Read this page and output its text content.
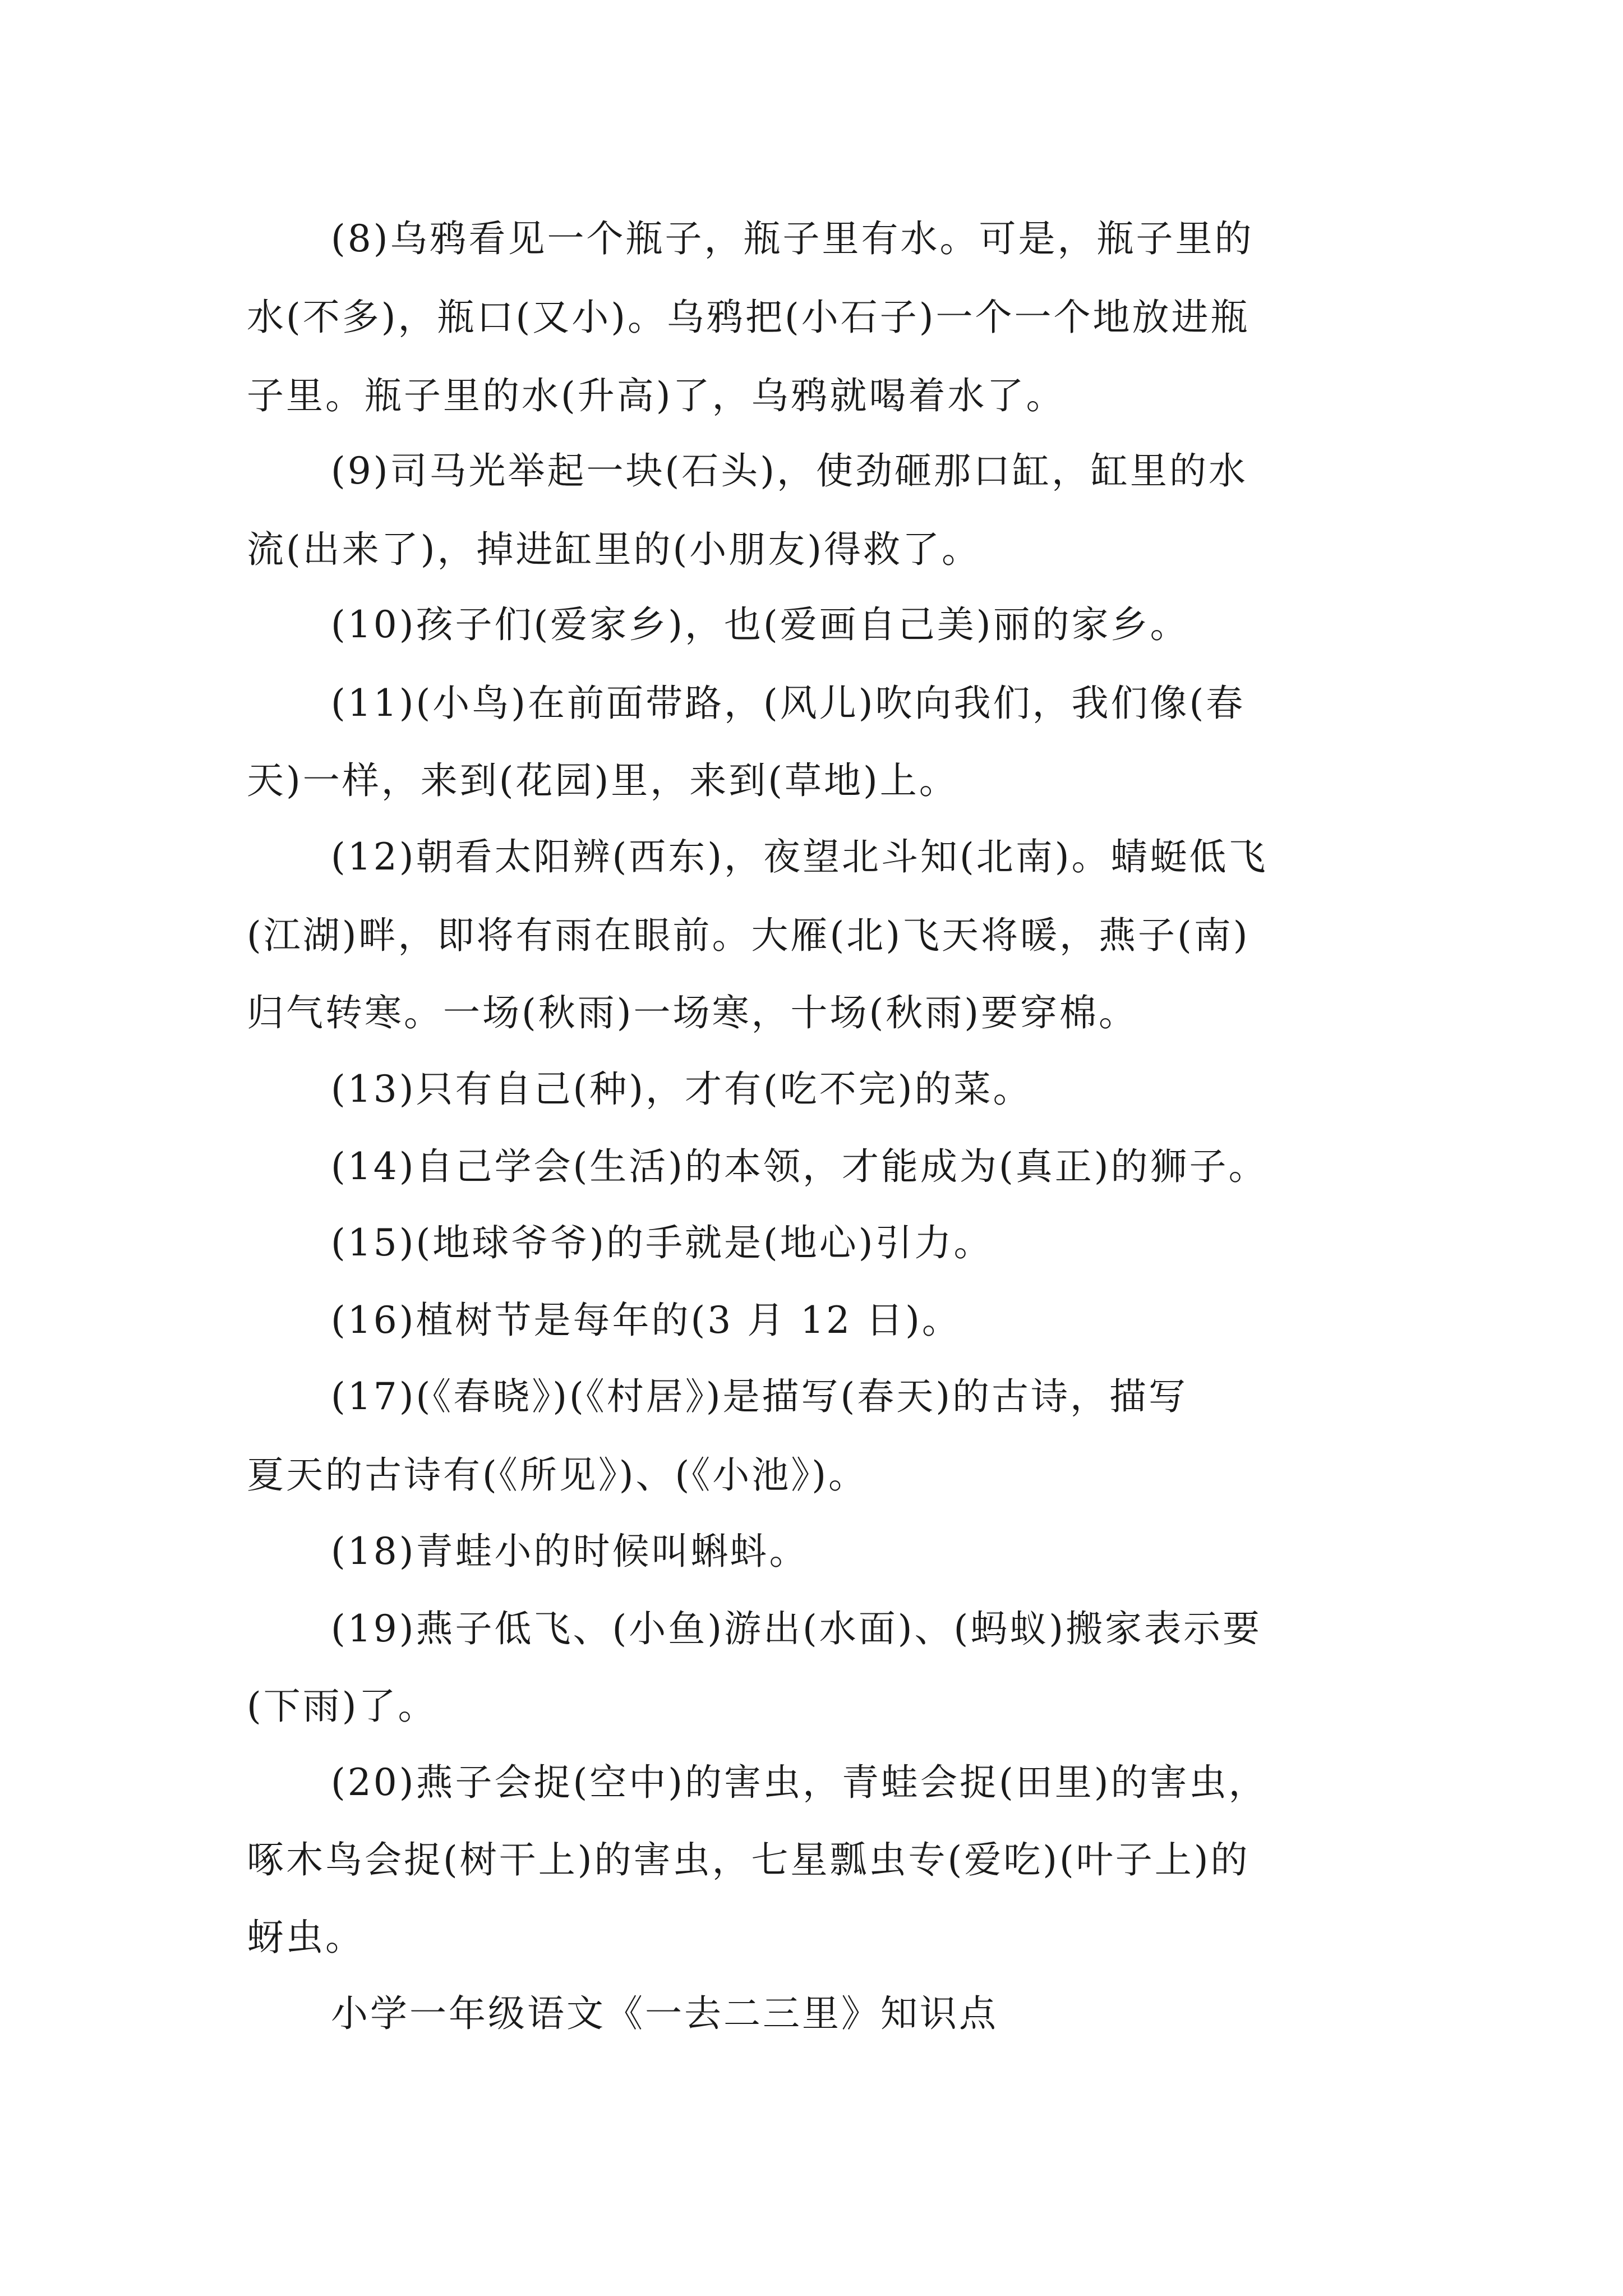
(8)乌鸦看见一个瓶子，瓶子里有水。可是，瓶子里的
水(不多)，瓶口(又小)。乌鸦把(小石子)一个一个地放进瓶
子里。瓶子里的水(升高)了，乌鸦就喝着水了。
(9)司马光举起一块(石头)，使劲砸那口缸，缸里的水
流(出来了)，掉进缸里的(小朋友)得救了。
(10)孩子们(爱家乡)，也(爱画自己美)丽的家乡。
(11)(小鸟)在前面带路，(风儿)吹向我们，我们像(春
天)一样，来到(花园)里，来到(草地)上。
(12)朝看太阳辨(西东)，夜望北斗知(北南)。蜻蜓低飞
(江湖)畔，即将有雨在眼前。大雁(北)飞天将暖，燕子(南)
归气转寒。一场(秋雨)一场寒，十场(秋雨)要穿棉。
(13)只有自己(种)，才有(吃不完)的菜。
(14)自己学会(生活)的本领，才能成为(真正)的狮子。
(15)(地球爷爷)的手就是(地心)引力。
(16)植树节是每年的(3 月 12 日)。
(17)(《春晓》)(《村居》)是描写(春天)的古诗，描写
夏天的古诗有(《所见》)、(《小池》)。
(18)青蛙小的时候叫蝌蚪。
(19)燕子低飞、(小鱼)游出(水面)、(蚂蚁)搬家表示要
(下雨)了。
(20)燕子会捉(空中)的害虫，青蛙会捉(田里)的害虫，
啄木鸟会捉(树干上)的害虫，七星瓢虫专(爱吃)(叶子上)的
蚜虫。
小学一年级语文《一去二三里》知识点
